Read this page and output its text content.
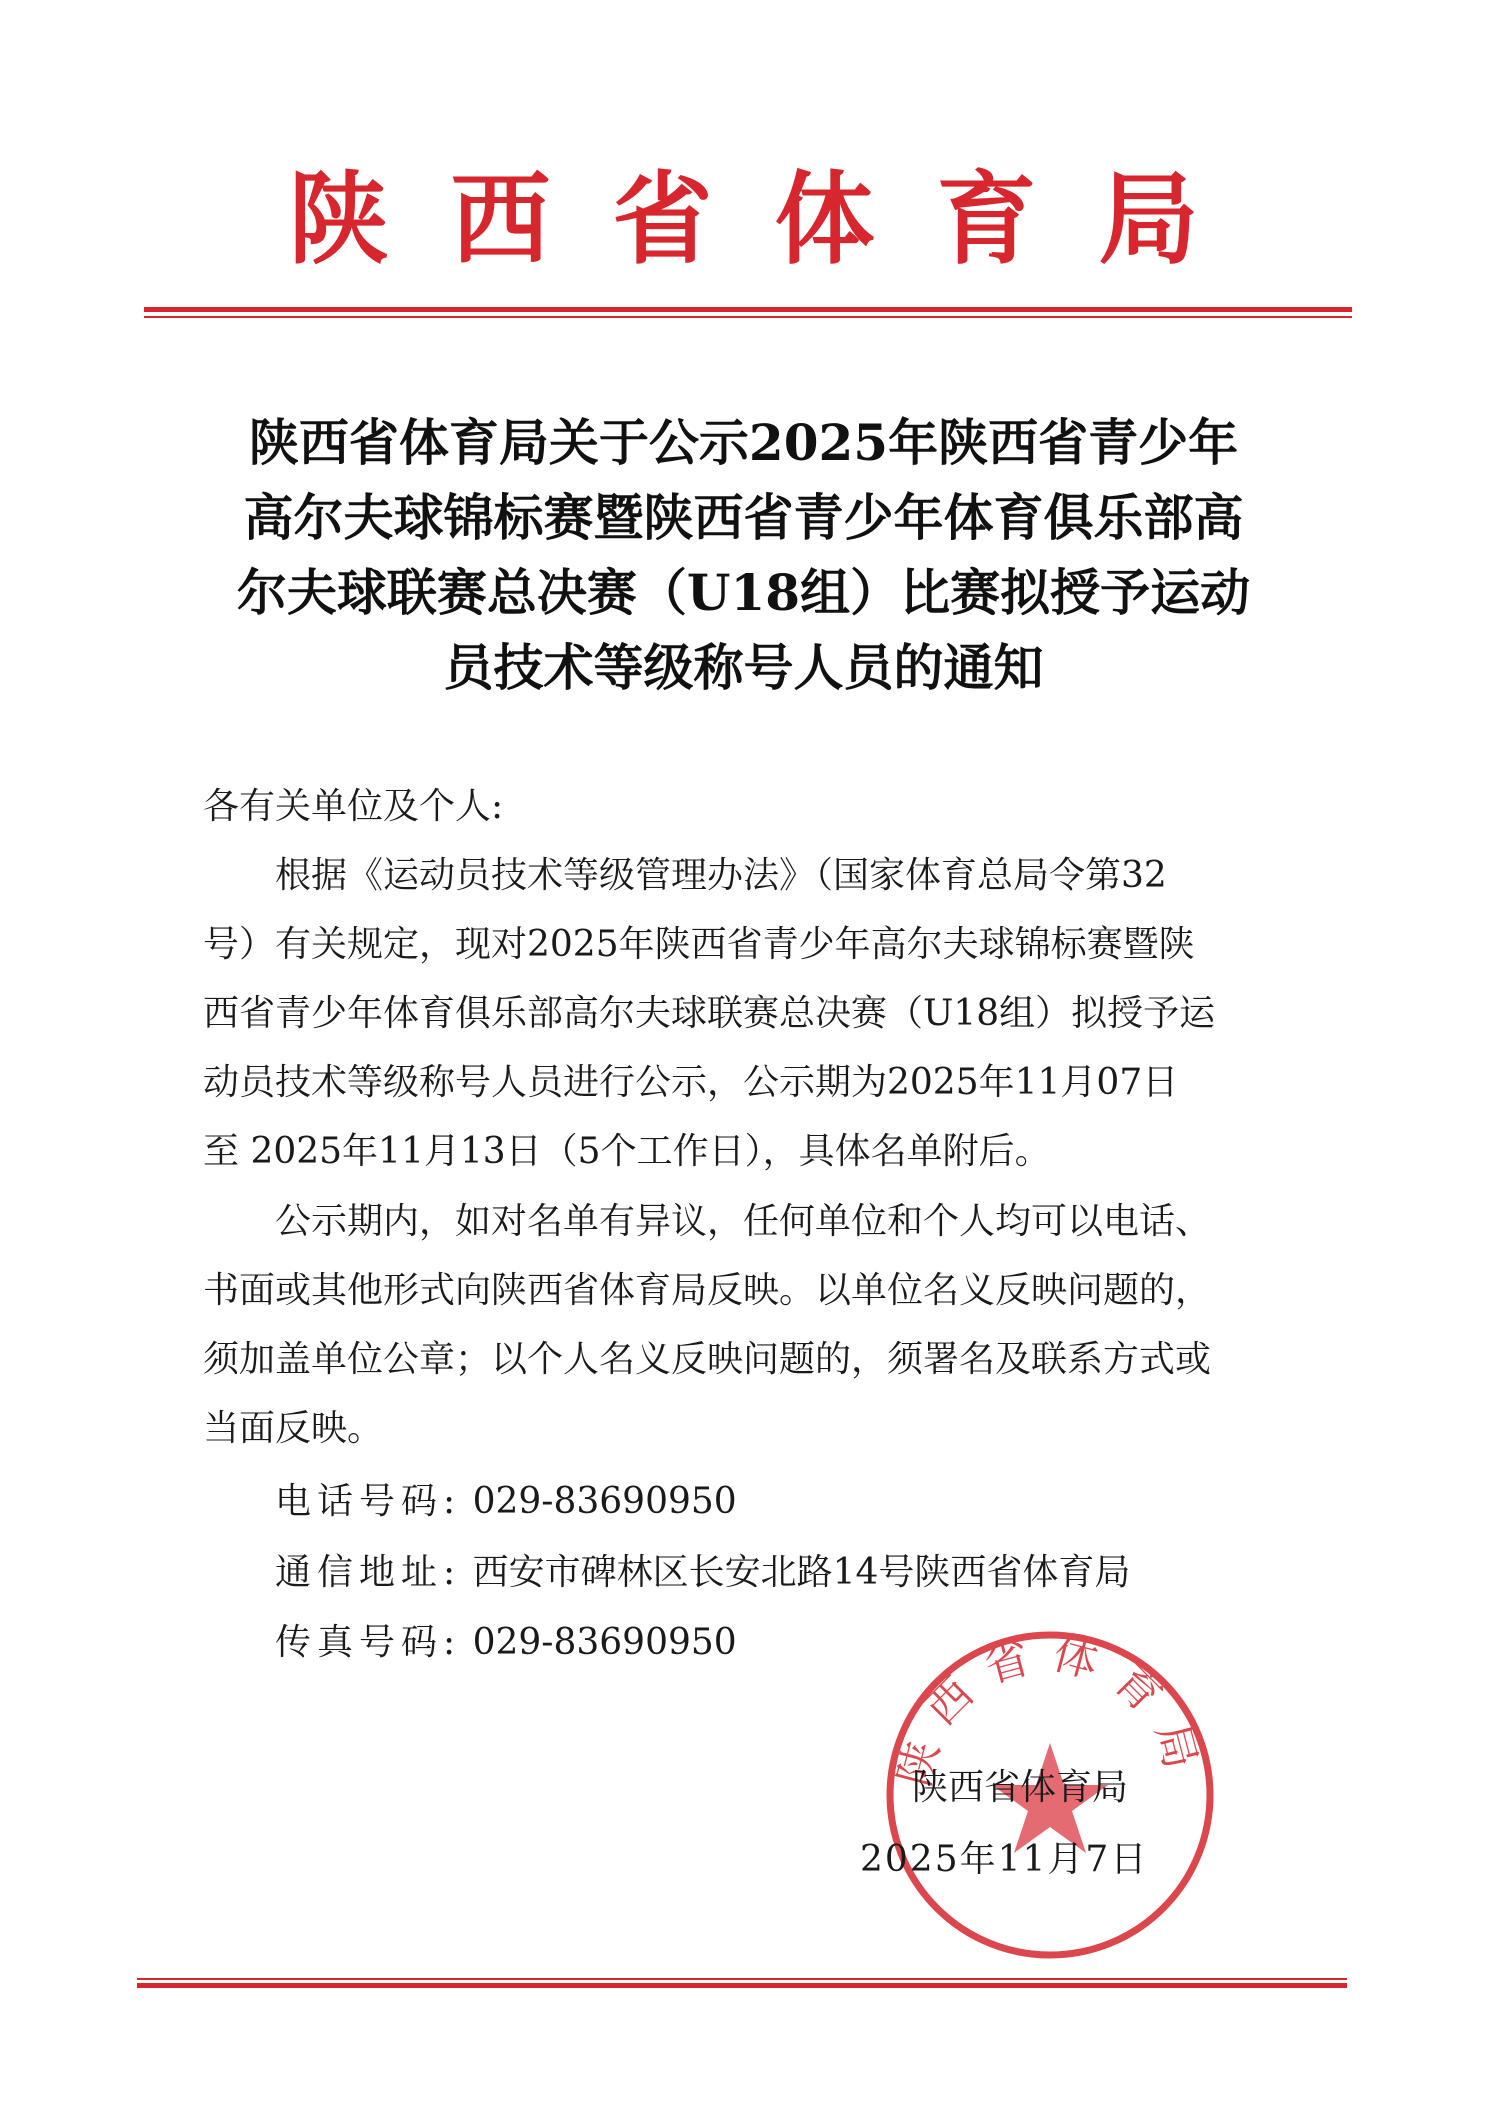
陕西省体育局
陕西省体育局关于公示2025年陕西省青少年
高尔夫球锦标赛暨陕西省青少年体育俱乐部高
尔夫球联赛总决赛（U18组）比赛拟授予运动
员技术等级称号人员的通知
各有关单位及个人:
根据《运动员技术等级管理办法》（国家体育总局令第32
号）有关规定，现对2025年陕西省青少年高尔夫球锦标赛暨陕
西省青少年体育俱乐部高尔夫球联赛总决赛（U18组）拟授予运
动员技术等级称号人员进行公示，公示期为2025年11月07日
至 2025年11月13日（5个工作日），具体名单附后。
公示期内，如对名单有异议，任何单位和个人均可以电话、
书面或其他形式向陕西省体育局反映。以单位名义反映问题的，
须加盖单位公章；以个人名义反映问题的，须署名及联系方式或
当面反映。
电话号码: 029-83690950
通信地址: 西安市碑林区长安北路14号陕西省体育局
传真号码: 029-83690950
陕西省体育局
陕西省体育局
2025年11月7日
